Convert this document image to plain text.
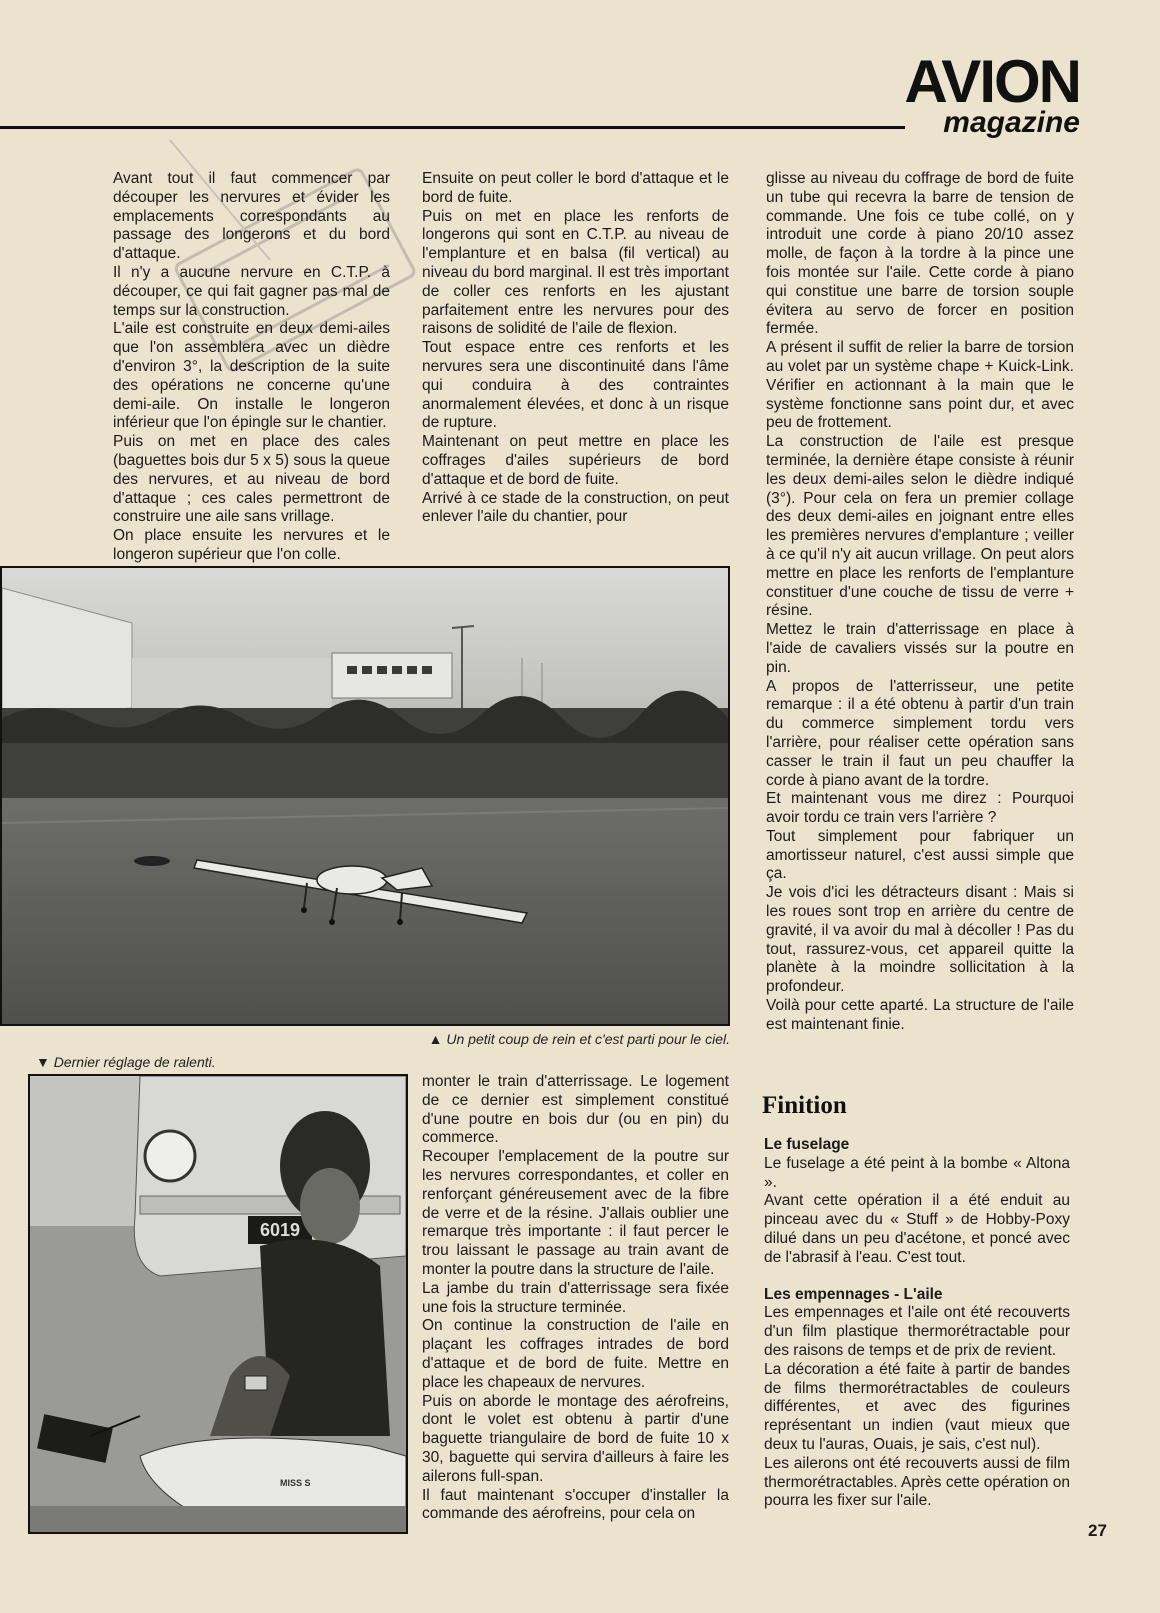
AVION
magazine

Avant tout il faut commencer par découper les nervures et évider les emplacements correspondants au passage des longerons et du bord d'attaque.

Il n'y a aucune nervure en C.T.P. à découper, ce qui fait gagner pas mal de temps sur la construction.

L'aile est construite en deux demi-ailes que l'on assemblera avec un dièdre d'environ 3°, la description de la suite des opérations ne concerne qu'une demi-aile. On installe le longeron inférieur que l'on épingle sur le chantier.

Puis on met en place des cales (baguettes bois dur 5 x 5) sous la queue des nervures, et au niveau de bord d'attaque ; ces cales permettront de construire une aile sans vrillage.

On place ensuite les nervures et le longeron supérieur que l'on colle.

Ensuite on peut coller le bord d'attaque et le bord de fuite.

Puis on met en place les renforts de longerons qui sont en C.T.P. au niveau de l'emplanture et en balsa (fil vertical) au niveau du bord marginal. Il est très important de coller ces renforts en les ajustant parfaitement entre les nervures pour des raisons de solidité de l'aile de flexion.

Tout espace entre ces renforts et les nervures sera une discontinuité dans l'âme qui conduira à des contraintes anormalement élevées, et donc à un risque de rupture.

Maintenant on peut mettre en place les coffrages d'ailes supérieurs de bord d'attaque et de bord de fuite.

Arrivé à ce stade de la construction, on peut enlever l'aile du chantier, pour

glisse au niveau du coffrage de bord de fuite un tube qui recevra la barre de tension de commande. Une fois ce tube collé, on y introduit une corde à piano 20/10 assez molle, de façon à la tordre à la pince une fois montée sur l'aile. Cette corde à piano qui constitue une barre de torsion souple évitera au servo de forcer en position fermée.

A présent il suffit de relier la barre de torsion au volet par un système chape + Kuick-Link. Vérifier en actionnant à la main que le système fonctionne sans point dur, et avec peu de frottement.

La construction de l'aile est presque terminée, la dernière étape consiste à réunir les deux demi-ailes selon le dièdre indiqué (3°). Pour cela on fera un premier collage des deux demi-ailes en joignant entre elles les premières nervures d'emplanture ; veiller à ce qu'il n'y ait aucun vrillage. On peut alors mettre en place les renforts de l'emplanture constituer d'une couche de tissu de verre + résine.

Mettez le train d'atterrissage en place à l'aide de cavaliers vissés sur la poutre en pin.

A propos de l'atterrisseur, une petite remarque : il a été obtenu à partir d'un train du commerce simplement tordu vers l'arrière, pour réaliser cette opération sans casser le train il faut un peu chauffer la corde à piano avant de la tordre.

Et maintenant vous me direz : Pourquoi avoir tordu ce train vers l'arrière ?

Tout simplement pour fabriquer un amortisseur naturel, c'est aussi simple que ça.

Je vois d'ici les détracteurs disant : Mais si les roues sont trop en arrière du centre de gravité, il va avoir du mal à décoller ! Pas du tout, rassurez-vous, cet appareil quitte la planète à la moindre sollicitation à la profondeur.

Voilà pour cette aparté. La structure de l'aile est maintenant finie.

▲ Un petit coup de rein et c'est parti pour le ciel.
▼ Dernier réglage de ralenti.
6019
MISS S

monter le train d'atterrissage. Le logement de ce dernier est simplement constitué d'une poutre en bois dur (ou en pin) du commerce.

Recouper l'emplacement de la poutre sur les nervures correspondantes, et coller en renforçant généreusement avec de la fibre de verre et de la résine. J'allais oublier une remarque très importante : il faut percer le trou laissant le passage au train avant de monter la poutre dans la structure de l'aile.

La jambe du train d'atterrissage sera fixée une fois la structure terminée.

On continue la construction de l'aile en plaçant les coffrages intrades de bord d'attaque et de bord de fuite. Mettre en place les chapeaux de nervures.

Puis on aborde le montage des aérofreins, dont le volet est obtenu à partir d'une baguette triangulaire de bord de fuite 10 x 30, baguette qui servira d'ailleurs à faire les ailerons full-span.

Il faut maintenant s'occuper d'installer la commande des aérofreins, pour cela on

Finition

Le fuselage

Le fuselage a été peint à la bombe « Altona ».

Avant cette opération il a été enduit au pinceau avec du « Stuff » de Hobby-Poxy dilué dans un peu d'acétone, et poncé avec de l'abrasif à l'eau. C'est tout.

Les empennages - L'aile

Les empennages et l'aile ont été recouverts d'un film plastique thermorétractable pour des raisons de temps et de prix de revient.

La décoration a été faite à partir de bandes de films thermorétractables de couleurs différentes, et avec des figurines représentant un indien (vaut mieux que deux tu l'auras, Ouais, je sais, c'est nul).

Les ailerons ont été recouverts aussi de film thermorétractables. Après cette opération on pourra les fixer sur l'aile.

27
